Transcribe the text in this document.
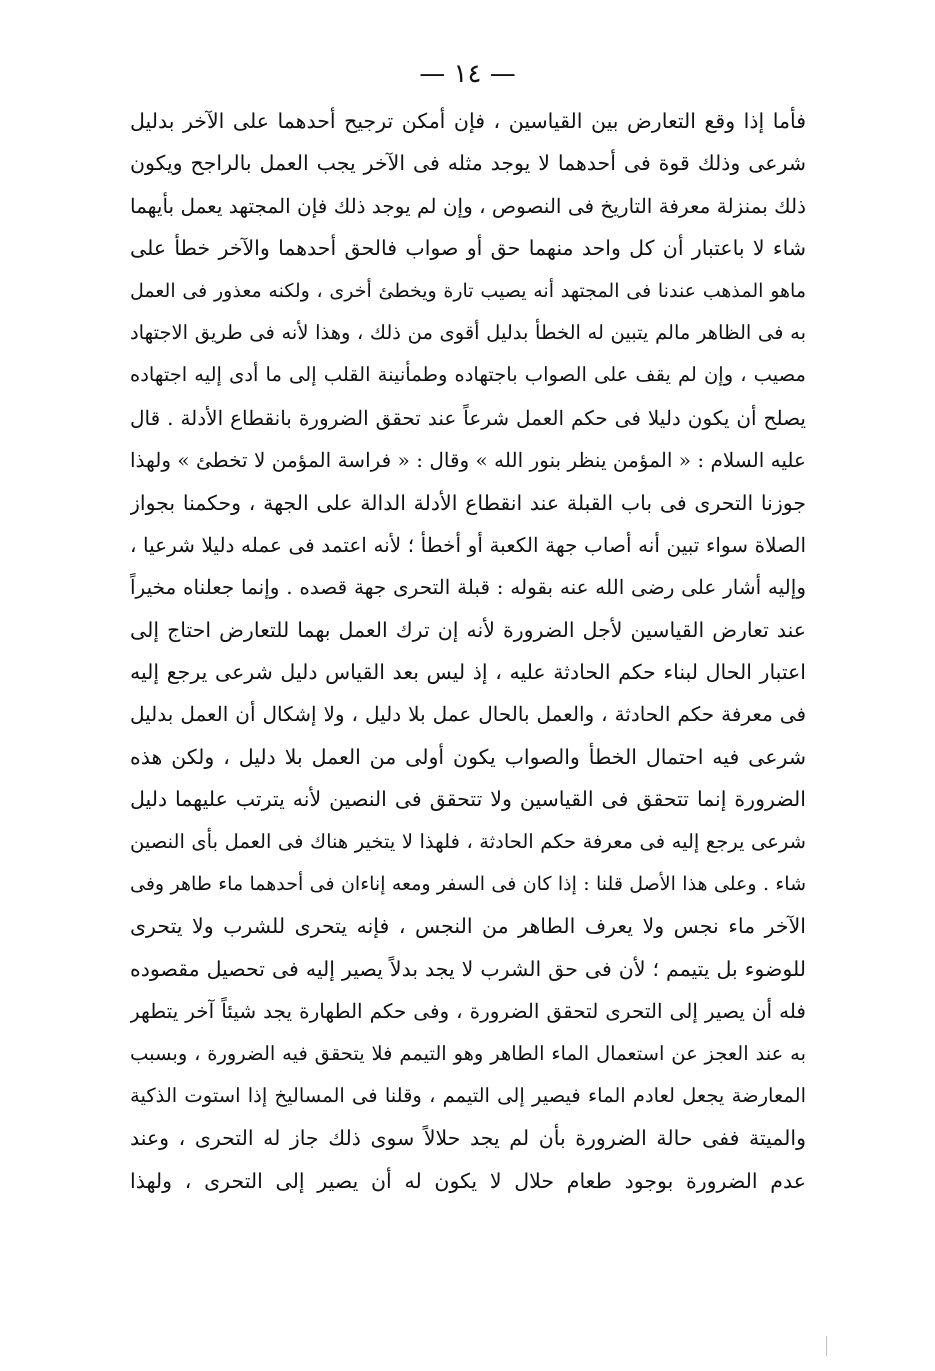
— ١٤ —
فأما إذا وقع التعارض بين القياسين ، فإن أمكن ترجيح أحدهما على الآخر بدليل
شرعى وذلك قوة فى أحدهما لا يوجد مثله فى الآخر يجب العمل بالراجح ويكون
ذلك بمنزلة معرفة التاريخ فى النصوص ، وإن لم يوجد ذلك فإن المجتهد يعمل بأيهما
شاء لا باعتبار أن كل واحد منهما حق أو صواب فالحق أحدهما والآخر خطأ على
ماهو المذهب عندنا فى المجتهد أنه يصيب تارة ويخطئ أخرى ، ولكنه معذور فى العمل
به فى الظاهر مالم يتبين له الخطأ بدليل أقوى من ذلك ، وهذا لأنه فى طريق الاجتهاد
مصيب ، وإن لم يقف على الصواب باجتهاده وطمأنينة القلب إلى ما أدى إليه اجتهاده
يصلح أن يكون دليلا فى حكم العمل شرعاً عند تحقق الضرورة بانقطاع الأدلة . قال
عليه السلام : « المؤمن ينظر بنور الله » وقال : « فراسة المؤمن لا تخطئ » ولهذا
جوزنا التحرى فى باب القبلة عند انقطاع الأدلة الدالة على الجهة ، وحكمنا بجواز
الصلاة سواء تبين أنه أصاب جهة الكعبة أو أخطأ ؛ لأنه اعتمد فى عمله دليلا شرعيا ،
وإليه أشار على رضى الله عنه بقوله : قبلة التحرى جهة قصده . وإنما جعلناه مخيراً
عند تعارض القياسين لأجل الضرورة لأنه إن ترك العمل بهما للتعارض احتاج إلى
اعتبار الحال لبناء حكم الحادثة عليه ، إذ ليس بعد القياس دليل شرعى يرجع إليه
فى معرفة حكم الحادثة ، والعمل بالحال عمل بلا دليل ، ولا إشكال أن العمل بدليل
شرعى فيه احتمال الخطأ والصواب يكون أولى من العمل بلا دليل ، ولكن هذه
الضرورة إنما تتحقق فى القياسين ولا تتحقق فى النصين لأنه يترتب عليهما دليل
شرعى يرجع إليه فى معرفة حكم الحادثة ، فلهذا لا يتخير هناك فى العمل بأى النصين
شاء . وعلى هذا الأصل قلنا : إذا كان فى السفر ومعه إناءان فى أحدهما ماء طاهر وفى
الآخر ماء نجس ولا يعرف الطاهر من النجس ، فإنه يتحرى للشرب ولا يتحرى
للوضوء بل يتيمم ؛ لأن فى حق الشرب لا يجد بدلاً يصير إليه فى تحصيل مقصوده
فله أن يصير إلى التحرى لتحقق الضرورة ، وفى حكم الطهارة يجد شيئاً آخر يتطهر
به عند العجز عن استعمال الماء الطاهر وهو التيمم فلا يتحقق فيه الضرورة ، وبسبب
المعارضة يجعل لعادم الماء فيصير إلى التيمم ، وقلنا فى المساليخ إذا استوت الذكية
والميتة ففى حالة الضرورة بأن لم يجد حلالاً سوى ذلك جاز له التحرى ، وعند
عدم الضرورة بوجود طعام حلال لا يكون له أن يصير إلى التحرى ، ولهذا
